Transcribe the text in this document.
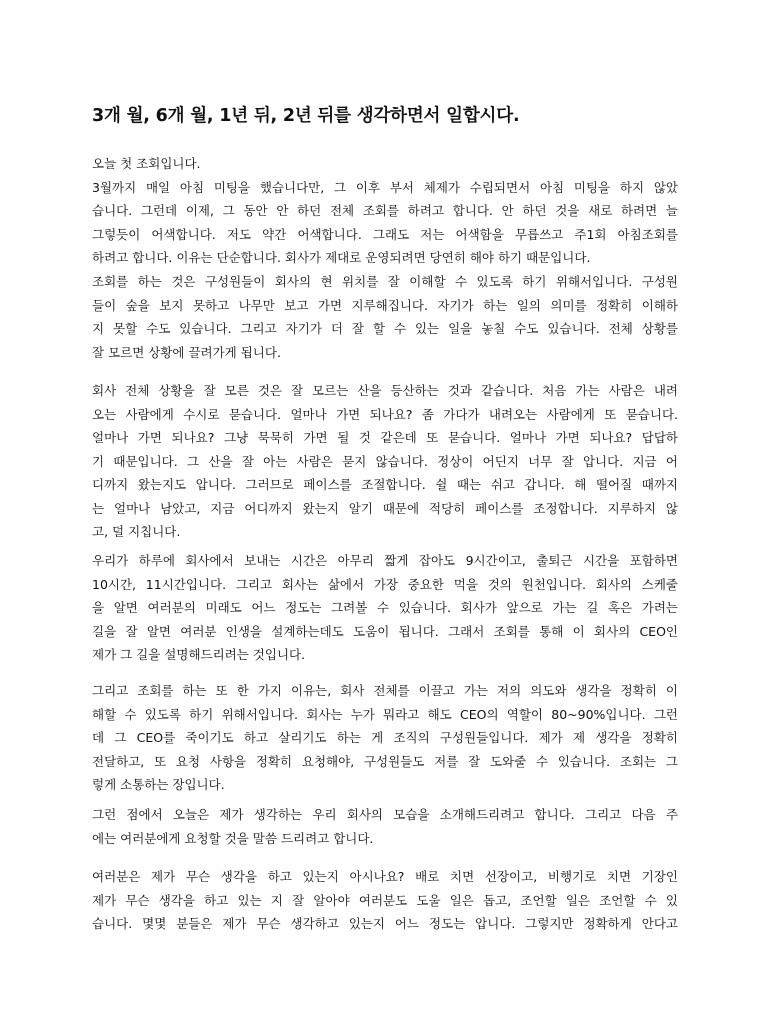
3개 월, 6개 월, 1년 뒤, 2년 뒤를 생각하면서 일합시다.
오늘 첫 조회입니다.
3월까지 매일 아침 미팅을 했습니다만, 그 이후 부서 체제가 수립되면서 아침 미팅을 하지 않았
습니다. 그런데 이제, 그 동안 안 하던 전체 조회를 하려고 합니다. 안 하던 것을 새로 하려면 늘
그렇듯이 어색합니다. 저도 약간 어색합니다. 그래도 저는 어색함을 무릅쓰고 주1회 아침조회를
하려고 합니다. 이유는 단순합니다. 회사가 제대로 운영되려면 당연히 해야 하기 때문입니다.
조회를 하는 것은 구성원들이 회사의 현 위치를 잘 이해할 수 있도록 하기 위해서입니다. 구성원
들이 숲을 보지 못하고 나무만 보고 가면 지루해집니다. 자기가 하는 일의 의미를 정확히 이해하
지 못할 수도 있습니다. 그리고 자기가 더 잘 할 수 있는 일을 놓칠 수도 있습니다. 전체 상황를
잘 모르면 상황에 끌려가게 됩니다.
회사 전체 상황을 잘 모른 것은 잘 모르는 산을 등산하는 것과 같습니다. 처음 가는 사람은 내려
오는 사람에게 수시로 묻습니다. 얼마나 가면 되나요? 좀 가다가 내려오는 사람에게 또 묻습니다.
얼마나 가면 되나요? 그냥 묵묵히 가면 될 것 같은데 또 묻습니다. 얼마나 가면 되나요? 답답하
기 때문입니다. 그 산을 잘 아는 사람은 묻지 않습니다. 정상이 어딘지 너무 잘 압니다. 지금 어
디까지 왔는지도 압니다. 그러므로 페이스를 조절합니다. 쉴 때는 쉬고 갑니다. 해 떨어질 때까지
는 얼마나 남았고, 지금 어디까지 왔는지 알기 때문에 적당히 페이스를 조정합니다. 지루하지 않
고, 덜 지칩니다.
우리가 하루에 회사에서 보내는 시간은 아무리 짧게 잡아도 9시간이고, 출퇴근 시간을 포함하면
10시간, 11시간입니다. 그리고 회사는 삶에서 가장 중요한 먹을 것의 원천입니다. 회사의 스케줄
을 알면 여러분의 미래도 어느 정도는 그려볼 수 있습니다. 회사가 앞으로 가는 길 혹은 가려는
길을 잘 알면 여러분 인생을 설계하는데도 도움이 됩니다. 그래서 조회를 통해 이 회사의 CEO인
제가 그 길을 설명해드리려는 것입니다.
그리고 조회를 하는 또 한 가지 이유는, 회사 전체를 이끌고 가는 저의 의도와 생각을 정확히 이
해할 수 있도록 하기 위해서입니다. 회사는 누가 뭐라고 해도 CEO의 역할이 80~90%입니다. 그런
데 그 CEO를 죽이기도 하고 살리기도 하는 게 조직의 구성원들입니다. 제가 제 생각을 정확히
전달하고, 또 요청 사항을 정확히 요청해야, 구성원들도 저를 잘 도와줄 수 있습니다. 조회는 그
렇게 소통하는 장입니다.
그런 점에서 오늘은 제가 생각하는 우리 회사의 모습을 소개해드리려고 합니다. 그리고 다음 주
에는 여러분에게 요청할 것을 말씀 드리려고 합니다.
여러분은 제가 무슨 생각을 하고 있는지 아시나요? 배로 치면 선장이고, 비행기로 치면 기장인
제가 무슨 생각을 하고 있는 지 잘 알아야 여러분도 도울 일은 돕고, 조언할 일은 조언할 수 있
습니다. 몇몇 분들은 제가 무슨 생각하고 있는지 어느 정도는 압니다. 그렇지만 정확하게 안다고
